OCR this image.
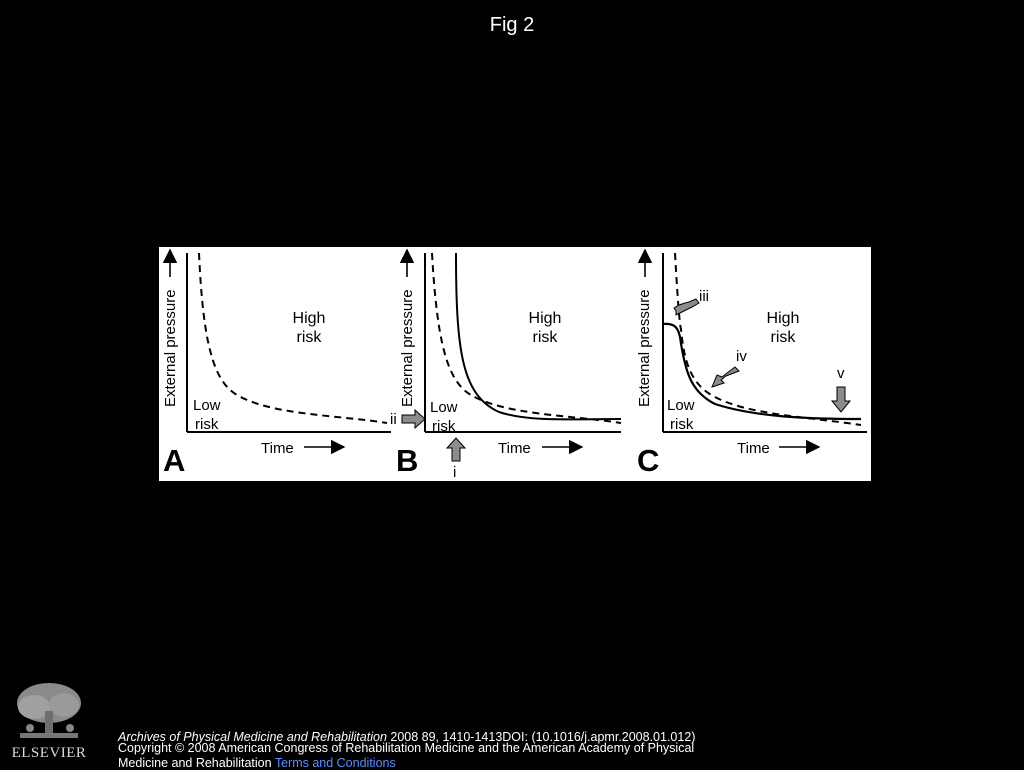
Fig 2
External pressure	High
risk
Low
risk
Time
A
External pressure	High
risk
Low
risk
Time
B
ii
i
External pressure	High
risk
Low
risk
Time
C
iii
iv
v
ELSEVIER
Archives of Physical Medicine and Rehabilitation 2008 89, 1410-1413DOI: (10.1016/j.apmr.2008.01.012)
Copyright © 2008 American Congress of Rehabilitation Medicine and the American Academy of Physical
Medicine and Rehabilitation Terms and Conditions
